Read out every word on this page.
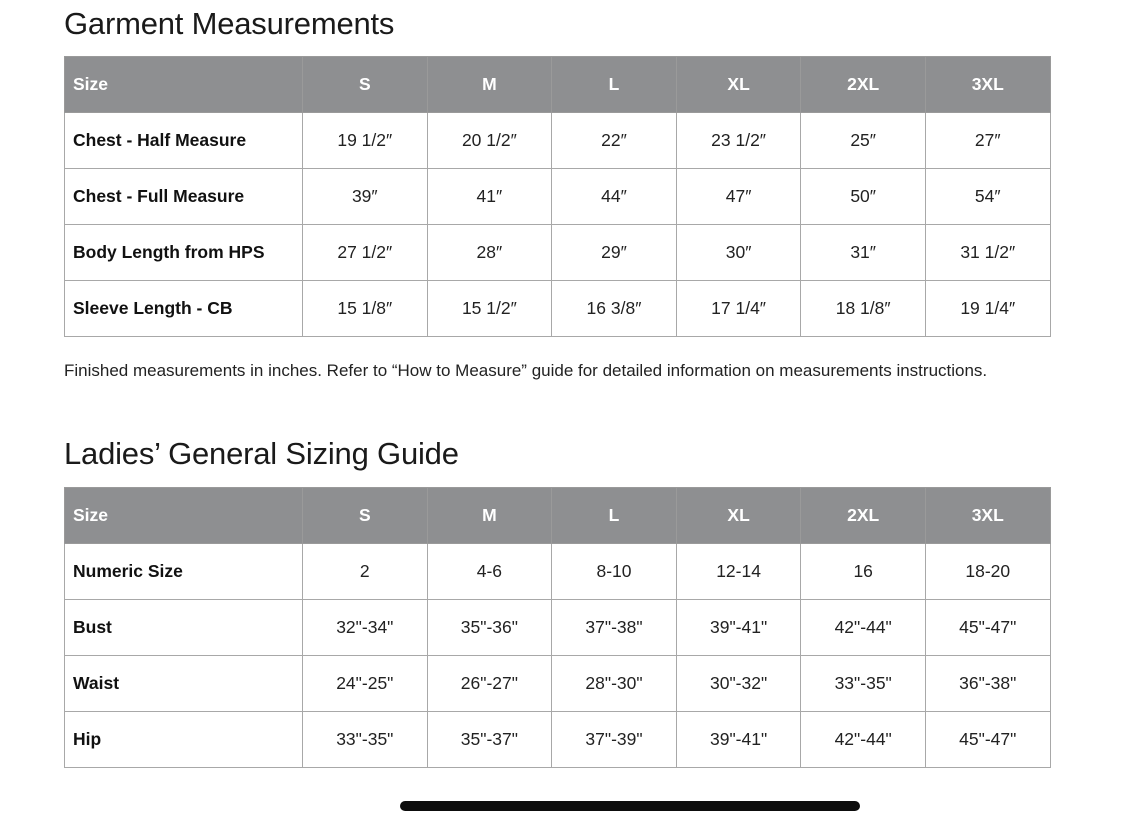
Garment Measurements
Size	S	M	L	XL	2XL	3XL
Chest - Half Measure	19 1/2″	20 1/2″	22″	23 1/2″	25″	27″
Chest - Full Measure	39″	41″	44″	47″	50″	54″
Body Length from HPS	27 1/2″	28″	29″	30″	31″	31 1/2″
Sleeve Length - CB	15 1/8″	15 1/2″	16 3/8″	17 1/4″	18 1/8″	19 1/4″

Finished measurements in inches. Refer to “How to Measure” guide for detailed information on measurements instructions.

Ladies’ General Sizing Guide
Size	S	M	L	XL	2XL	3XL
Numeric Size	2	4-6	8-10	12-14	16	18-20
Bust	32"-34"	35"-36"	37"-38"	39"-41"	42"-44"	45"-47"
Waist	24"-25"	26"-27"	28"-30"	30"-32"	33"-35"	36"-38"
Hip	33"-35"	35"-37"	37"-39"	39"-41"	42"-44"	45"-47"
